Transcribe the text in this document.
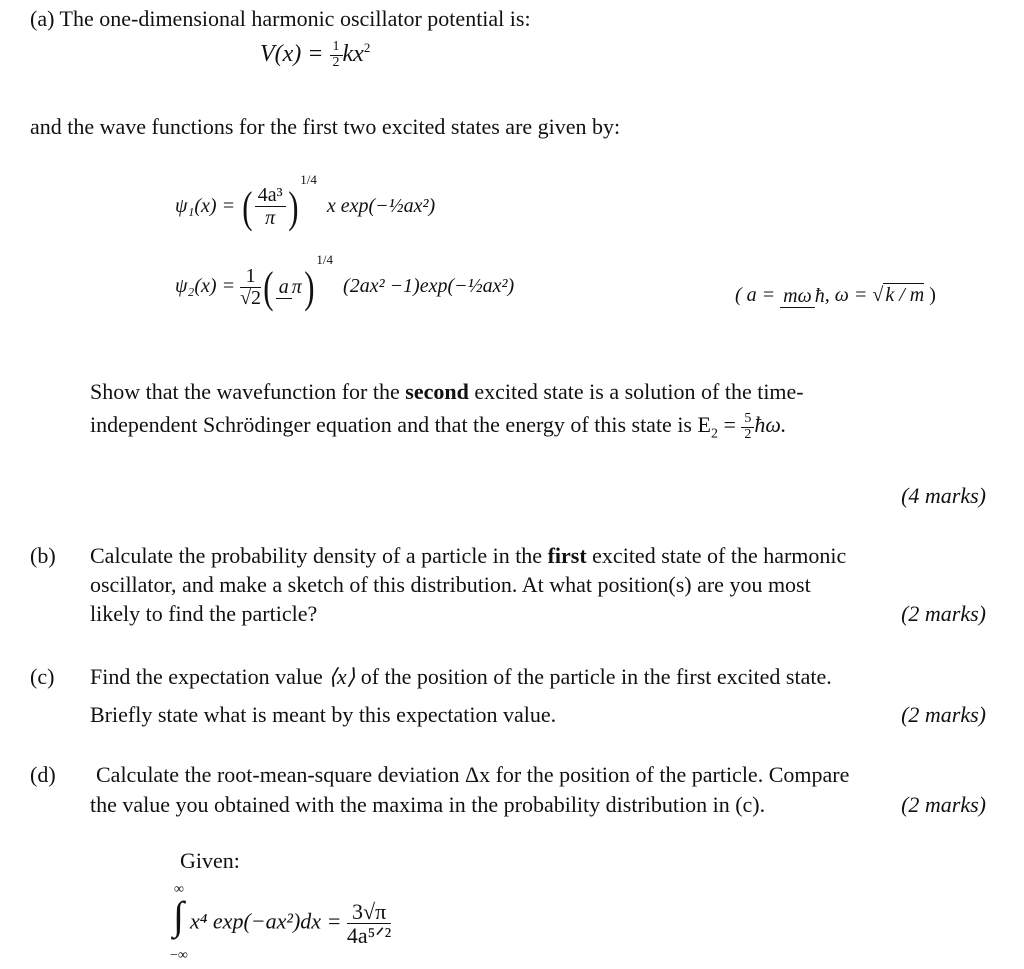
(a) The one-dimensional harmonic oscillator potential is:
$V(x) = \frac{1}{2} kx^2$
and the wave functions for the first two excited states are given by:
ψ₁(x) = ( $\frac{\text{4a³}}{\pi})^{1/4}$  x exp(−½ax²)
$\psi_2(x) = \frac{1}{√2}$ ( a π)$^{1/4}$  (2ax² −1)exp(−½ax²)	( a = mω ħ, ω = √ k / m )
Show that the wavefunction for the second excited state is a solution of the time-
independent Schrödinger equation and that the energy of this state is $E_2 = \frac{5}{2}$ ħω.
(4 marks)
(b) Calculate the probability density of a particle in the first excited state of the harmonic
oscillator, and make a sketch of this distribution. At what position(s) are you most
likely to find the particle?	(2 marks)
(c) Find the expectation value ⟨x⟩ of the position of the particle in the first excited state.
Briefly state what is meant by this expectation value.	(2 marks)
(d) Calculate the root-mean-square deviation Δx for the position of the particle. Compare
the value you obtained with the maxima in the probability distribution in (c).	(2 marks)
Given:
∞
−∞
∫ x⁴ $\exp(-ax^2)dx = \frac{3√\pi}{\text{4a⁵ᐟ²}}$
